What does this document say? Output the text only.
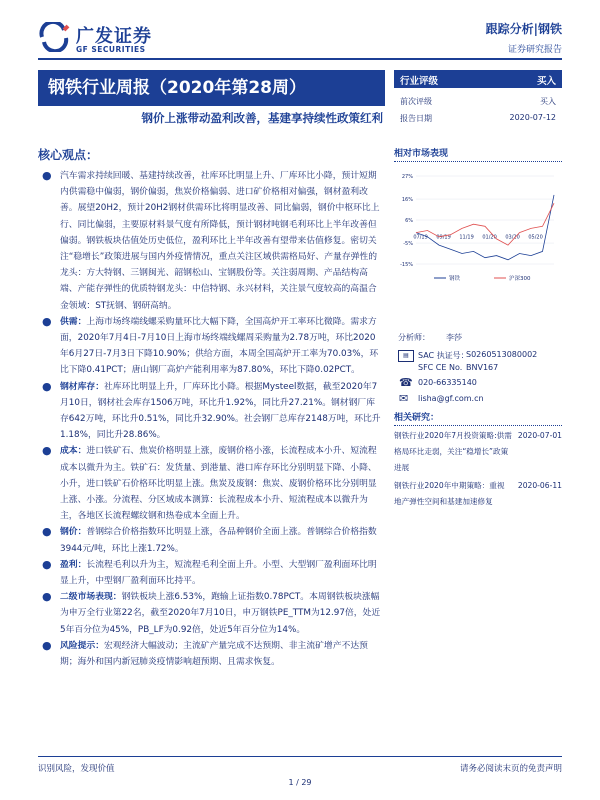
广发证券
GF SECURITIES
跟踪分析|钢铁
证券研究报告
钢铁行业周报（2020年第28周）
钢价上涨带动盈利改善，基建享持续性政策红利
核心观点：
● 汽车需求持续回暖、基建持续改善，社库环比明显上升、厂库环比小降，预计短期内供需稳中偏弱，钢价偏弱，焦炭价格偏弱、进口矿价格相对偏强，钢材盈利改善。展望20H2，预计20H2钢材供需环比将明显改善、同比偏弱，钢价中枢环比上行、同比偏弱，主要原材料景气度有所降低，预计钢材吨钢毛利环比上半年改善但偏弱。钢铁板块估值处历史低位，盈利环比上半年改善有望带来估值修复。密切关注“稳增长”政策进展与国内外疫情情况，重点关注区域供需格局好、产量存弹性的龙头：方大特钢、三钢闽光、韶钢松山、宝钢股份等。关注弱周期、产品结构高端、产能存弹性的优质特钢龙头：中信特钢、永兴材料，关注景气度较高的高温合金领域：ST抚钢、钢研高纳。
● 供需：上海市场终端线螺采购量环比大幅下降，全国高炉开工率环比微降。需求方面，2020年7月4日-7月10日上海市场终端线螺周采购量为2.78万吨，环比2020年6月27日-7月3日下降10.90%；供给方面，本周全国高炉开工率为70.03%，环比下降0.41PCT；唐山钢厂高炉产能利用率为87.80%，环比下降0.02PCT。
● 钢材库存：社库环比明显上升，厂库环比小降。根据Mysteel数据，截至2020年7月10日，钢材社会库存1506万吨，环比升1.92%，同比升27.21%。钢材钢厂库存642万吨，环比升0.51%，同比升32.90%。社会钢厂总库存2148万吨，环比升1.18%，同比升28.86%。
● 成本：进口铁矿石、焦炭价格明显上涨，废钢价格小涨，长流程成本小升、短流程成本以微升为主。铁矿石：发货量、到港量、港口库存环比分别明显下降、小降、小升，进口铁矿石价格环比明显上涨。焦炭及废钢：焦炭、废钢价格环比分别明显上涨、小涨。分流程、分区域成本测算：长流程成本小升、短流程成本以微升为主，各地区长流程螺纹钢和热卷成本全面上升。
● 钢价：普钢综合价格指数环比明显上涨，各品种钢价全面上涨。普钢综合价格指数3944元/吨，环比上涨1.72%。
● 盈利：长流程毛利以升为主，短流程毛利全面上升。小型、大型钢厂盈利面环比明显上升，中型钢厂盈利面环比持平。
● 二级市场表现：钢铁板块上涨6.53%，跑输上证指数0.78PCT。本周钢铁板块涨幅为申万全行业第22名，截至2020年7月10日，申万钢铁PE_TTM为12.97倍，处近5年百分位为45%，PB_LF为0.92倍，处近5年百分位为14%。
● 风险提示：宏观经济大幅波动；主流矿产量完成不达预期、非主流矿增产不达预期；海外和国内新冠肺炎疫情影响超预期、且需求恢复。
行业评级	买入
前次评级	买入
报告日期	2020-07-12
相对市场表现
27%
16%
6%
-5%
-15%
07/19 09/19 11/19 01/20 03/20 05/20
钢铁	沪深300
分析师： 李莎
▤	SAC 执证号：
S0260513080002
SFC CE No. BNV167
☎ 020-66335140
✉ lisha@gf.com.cn
相关研究：
钢铁行业2020年7月投资策略:供需格局环比走弱，关注“稳增长”政策进展
2020-07-01
钢铁行业2020年中期策略：重视地产弹性空间和基建加速修复
2020-06-11
识别风险，发现价值	请务必阅读末页的免责声明
1 / 29
